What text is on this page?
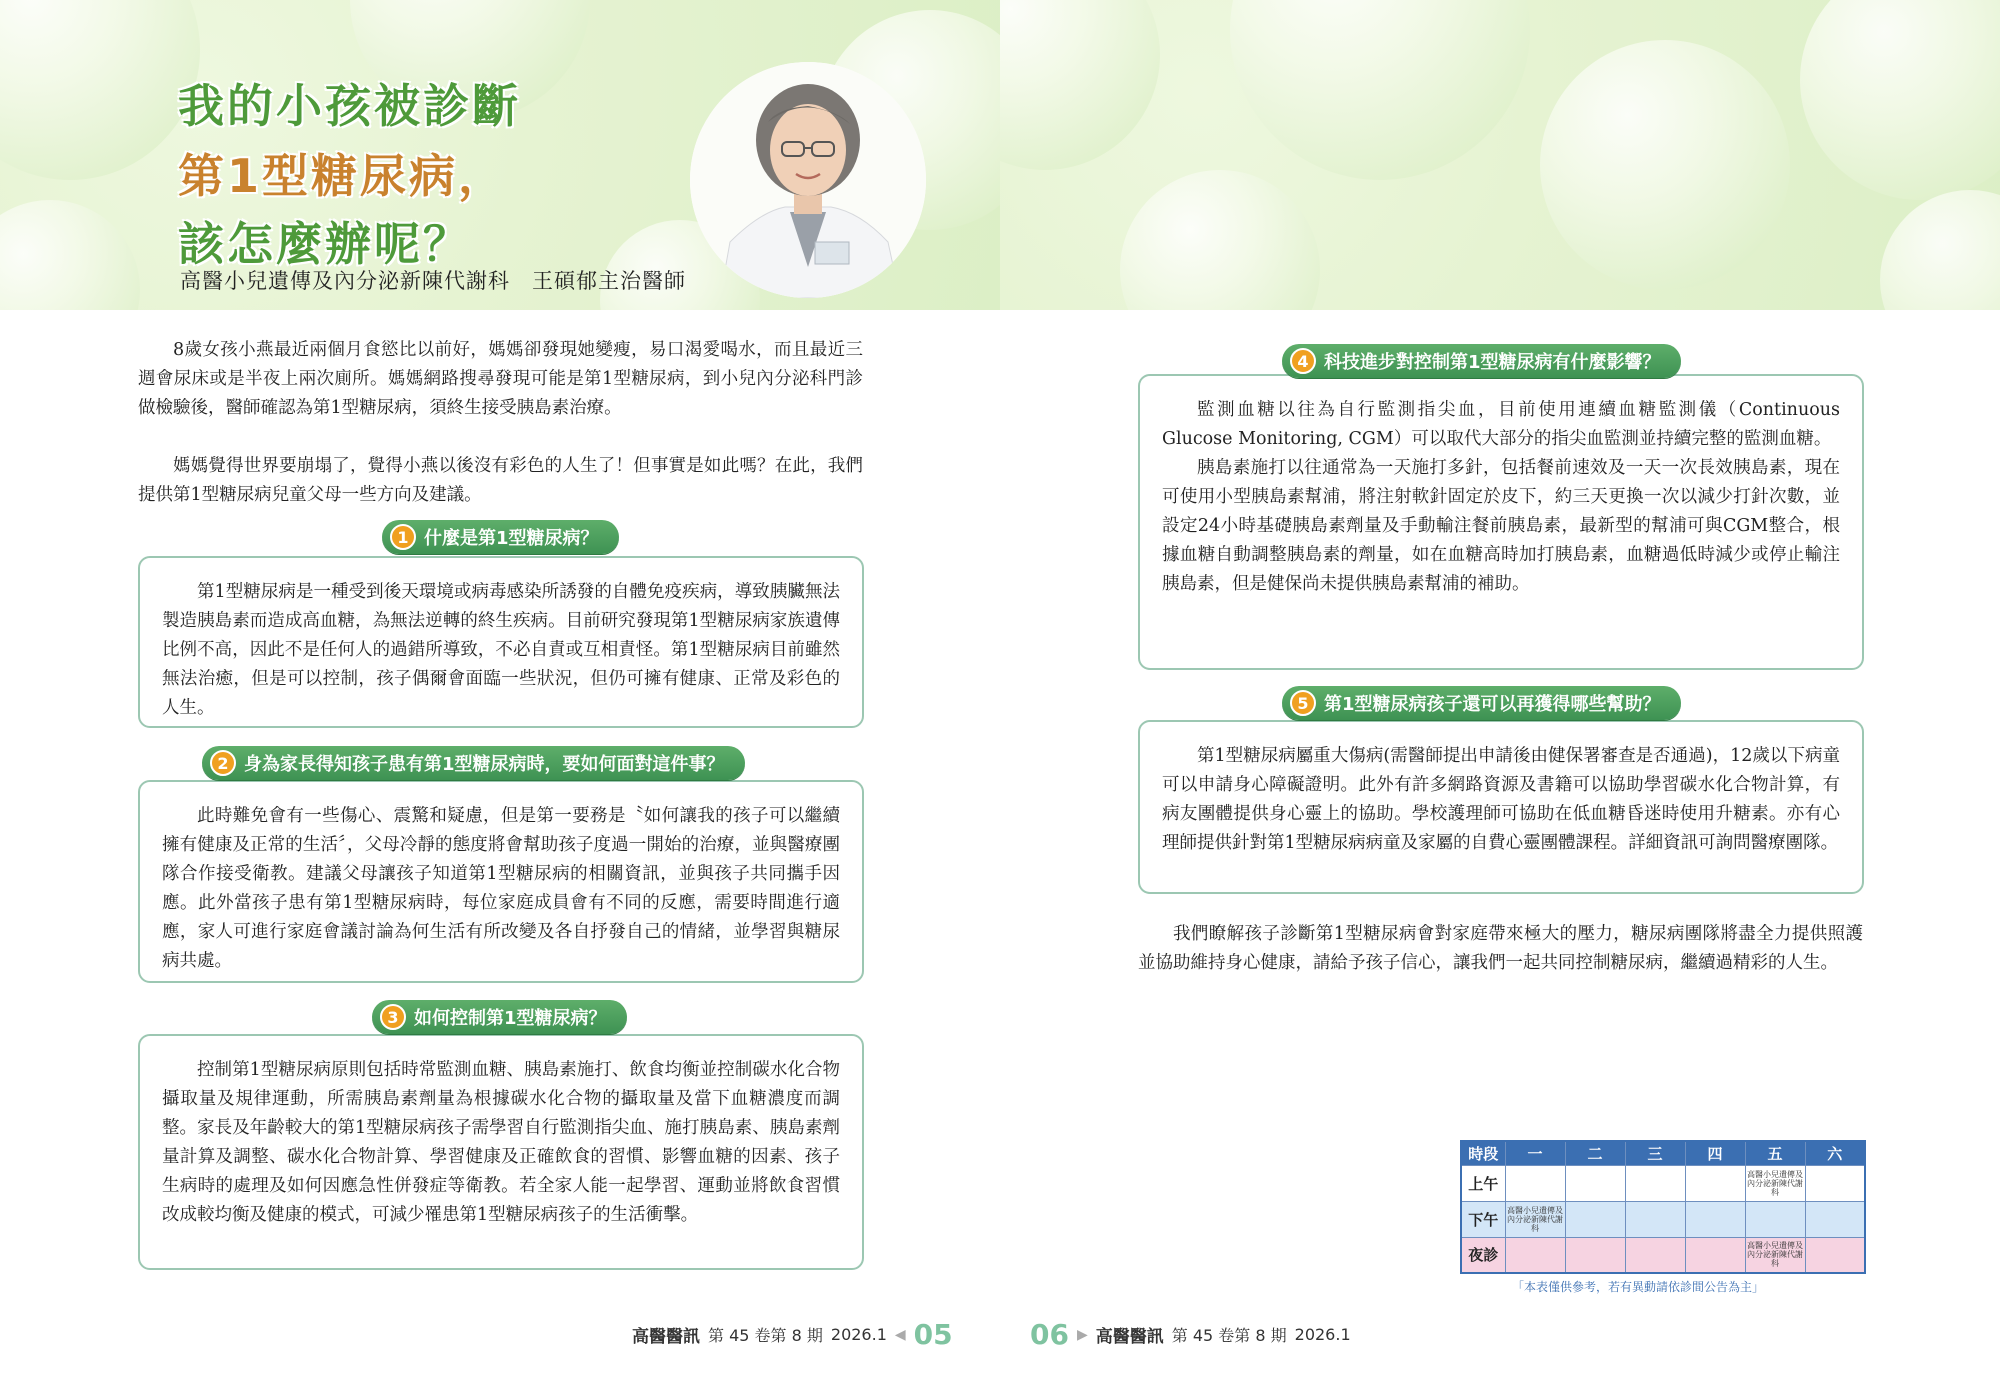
我的小孩被診斷
第1型糖尿病，
該怎麼辦呢？
高醫小兒遺傳及內分泌新陳代謝科　王碩郁主治醫師
8歲女孩小燕最近兩個月食慾比以前好，媽媽卻發現她變瘦，易口渴愛喝水，而且最近三週會尿床或是半夜上兩次廁所。媽媽網路搜尋發現可能是第1型糖尿病，到小兒內分泌科門診做檢驗後，醫師確認為第1型糖尿病，須終生接受胰島素治療。
媽媽覺得世界要崩塌了，覺得小燕以後沒有彩色的人生了！但事實是如此嗎？在此，我們提供第1型糖尿病兒童父母一些方向及建議。
第1型糖尿病是一種受到後天環境或病毒感染所誘發的自體免疫疾病，導致胰臟無法製造胰島素而造成高血糖，為無法逆轉的終生疾病。目前研究發現第1型糖尿病家族遺傳比例不高，因此不是任何人的過錯所導致，不必自責或互相責怪。第1型糖尿病目前雖然無法治癒，但是可以控制，孩子偶爾會面臨一些狀況，但仍可擁有健康、正常及彩色的人生。
1 什麼是第1型糖尿病？
此時難免會有一些傷心、震驚和疑慮，但是第一要務是〝如何讓我的孩子可以繼續擁有健康及正常的生活〞，父母冷靜的態度將會幫助孩子度過一開始的治療，並與醫療團隊合作接受衛教。建議父母讓孩子知道第1型糖尿病的相關資訊，並與孩子共同攜手因應。此外當孩子患有第1型糖尿病時，每位家庭成員會有不同的反應，需要時間進行適應，家人可進行家庭會議討論為何生活有所改變及各自抒發自己的情緒，並學習與糖尿病共處。
2 身為家長得知孩子患有第1型糖尿病時，要如何面對這件事？
控制第1型糖尿病原則包括時常監測血糖、胰島素施打、飲食均衡並控制碳水化合物攝取量及規律運動，所需胰島素劑量為根據碳水化合物的攝取量及當下血糖濃度而調整。家長及年齡較大的第1型糖尿病孩子需學習自行監測指尖血、施打胰島素、胰島素劑量計算及調整、碳水化合物計算、學習健康及正確飲食的習慣、影響血糖的因素、孩子生病時的處理及如何因應急性併發症等衛教。若全家人能一起學習、運動並將飲食習慣改成較均衡及健康的模式，可減少罹患第1型糖尿病孩子的生活衝擊。
3 如何控制第1型糖尿病？
監測血糖以往為自行監測指尖血，目前使用連續血糖監測儀（Continuous Glucose Monitoring, CGM）可以取代大部分的指尖血監測並持續完整的監測血糖。
胰島素施打以往通常為一天施打多針，包括餐前速效及一天一次長效胰島素，現在可使用小型胰島素幫浦，將注射軟針固定於皮下，約三天更換一次以減少打針次數，並設定24小時基礎胰島素劑量及手動輸注餐前胰島素，最新型的幫浦可與CGM整合，根據血糖自動調整胰島素的劑量，如在血糖高時加打胰島素，血糖過低時減少或停止輸注胰島素，但是健保尚未提供胰島素幫浦的補助。
4 科技進步對控制第1型糖尿病有什麼影響？
第1型糖尿病屬重大傷病(需醫師提出申請後由健保署審查是否通過)，12歲以下病童可以申請身心障礙證明。此外有許多網路資源及書籍可以協助學習碳水化合物計算，有病友團體提供身心靈上的協助。學校護理師可協助在低血糖昏迷時使用升糖素。亦有心理師提供針對第1型糖尿病病童及家屬的自費心靈團體課程。詳細資訊可詢問醫療團隊。
5 第1型糖尿病孩子還可以再獲得哪些幫助？
我們瞭解孩子診斷第1型糖尿病會對家庭帶來極大的壓力，糖尿病團隊將盡全力提供照護並協助維持身心健康，請給予孩子信心，讓我們一起共同控制糖尿病，繼續過精彩的人生。
時段	一	二	三	四	五	六
上午					高醫小兒遺傳及內分泌新陳代謝科	
下午	高醫小兒遺傳及內分泌新陳代謝科					
夜診					高醫小兒遺傳及內分泌新陳代謝科	
「本表僅供參考，若有異動請依診間公告為主」
高醫醫訊 第 45 卷第 8 期 2026.1 ◀ 05	06 ▶ 高醫醫訊 第 45 卷第 8 期 2026.1
